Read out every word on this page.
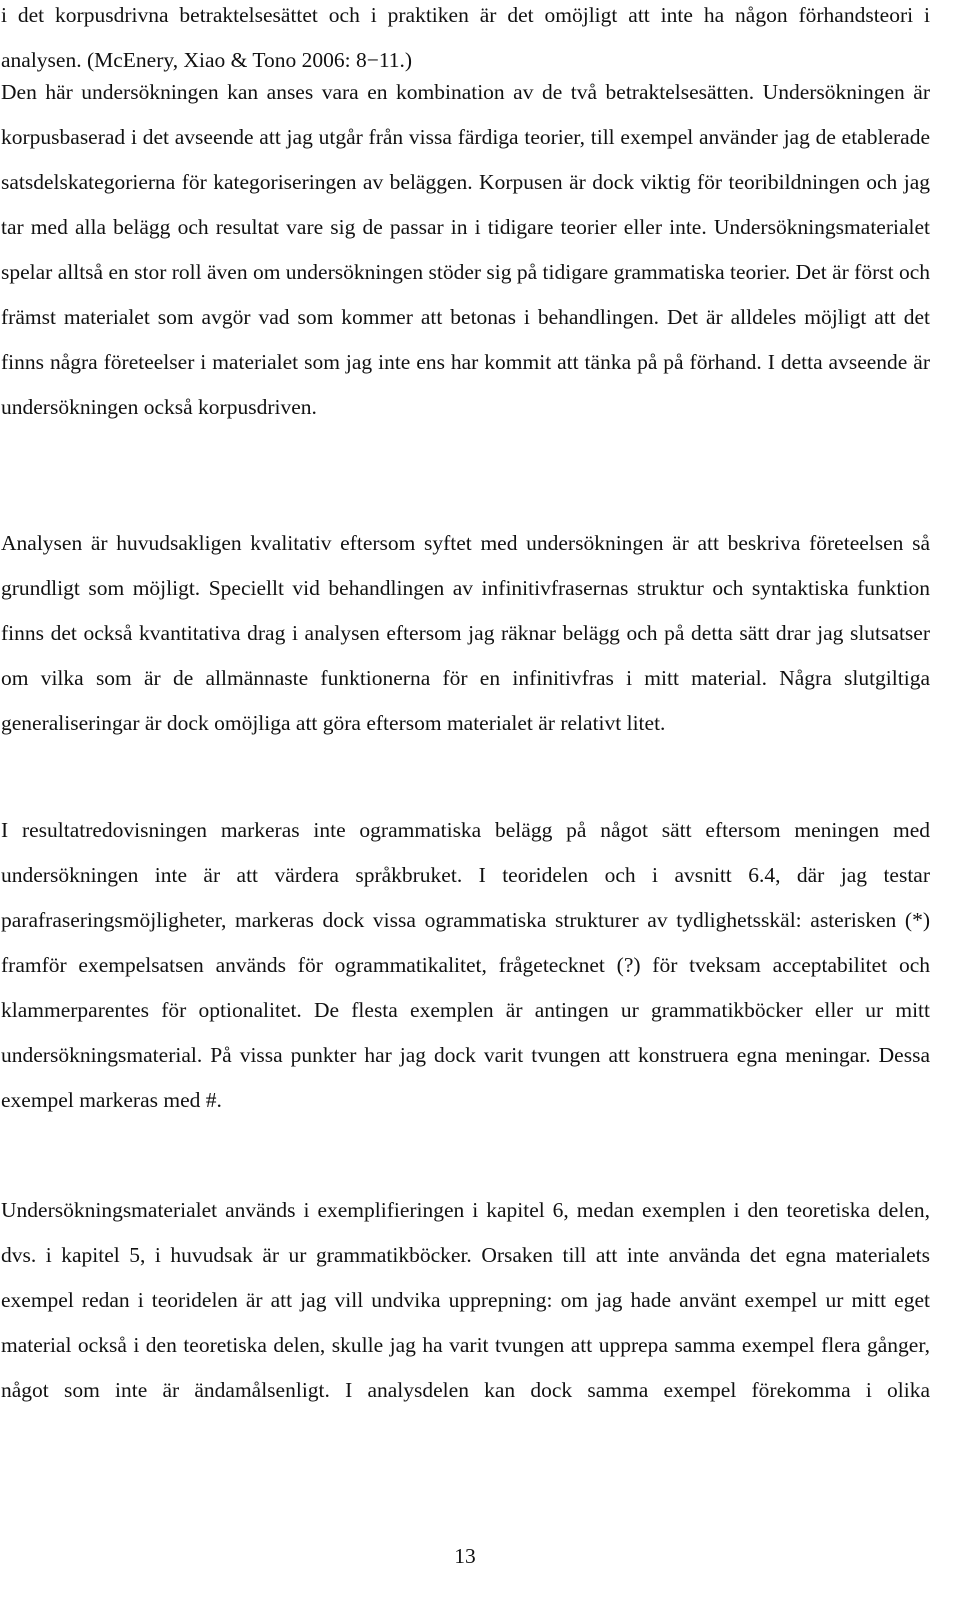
i det korpusdrivna betraktelsesättet och i praktiken är det omöjligt att inte ha någon förhandsteori i analysen. (McEnery, Xiao & Tono 2006: 8−11.)

Den här undersökningen kan anses vara en kombination av de två betraktelsesätten. Undersökningen är korpusbaserad i det avseende att jag utgår från vissa färdiga teorier, till exempel använder jag de etablerade satsdelskategorierna för kategoriseringen av beläggen. Korpusen är dock viktig för teoribildningen och jag tar med alla belägg och resultat vare sig de passar in i tidigare teorier eller inte. Undersökningsmaterialet spelar alltså en stor roll även om undersökningen stöder sig på tidigare grammatiska teorier. Det är först och främst materialet som avgör vad som kommer att betonas i behandlingen. Det är alldeles möjligt att det finns några företeelser i materialet som jag inte ens har kommit att tänka på på förhand. I detta avseende är undersökningen också korpusdriven.

Analysen är huvudsakligen kvalitativ eftersom syftet med undersökningen är att beskriva företeelsen så grundligt som möjligt. Speciellt vid behandlingen av infinitivfrasernas struktur och syntaktiska funktion finns det också kvantitativa drag i analysen eftersom jag räknar belägg och på detta sätt drar jag slutsatser om vilka som är de allmännaste funktionerna för en infinitivfras i mitt material. Några slutgiltiga generaliseringar är dock omöjliga att göra eftersom materialet är relativt litet.

I resultatredovisningen markeras inte ogrammatiska belägg på något sätt eftersom meningen med undersökningen inte är att värdera språkbruket. I teoridelen och i avsnitt 6.4, där jag testar parafraseringsmöjligheter, markeras dock vissa ogrammatiska strukturer av tydlighetsskäl: asterisken (*) framför exempelsatsen används för ogrammatikalitet, frågetecknet (?) för tveksam acceptabilitet och klammerparentes för optionalitet. De flesta exemplen är antingen ur grammatikböcker eller ur mitt undersökningsmaterial. På vissa punkter har jag dock varit tvungen att konstruera egna meningar. Dessa exempel markeras med #.

Undersökningsmaterialet används i exemplifieringen i kapitel 6, medan exemplen i den teoretiska delen, dvs. i kapitel 5, i huvudsak är ur grammatikböcker. Orsaken till att inte använda det egna materialets exempel redan i teoridelen är att jag vill undvika upprepning: om jag hade använt exempel ur mitt eget material också i den teoretiska delen, skulle jag ha varit tvungen att upprepa samma exempel flera gånger, något som inte är ändamålsenligt. I analysdelen kan dock samma exempel förekomma i olika

13
